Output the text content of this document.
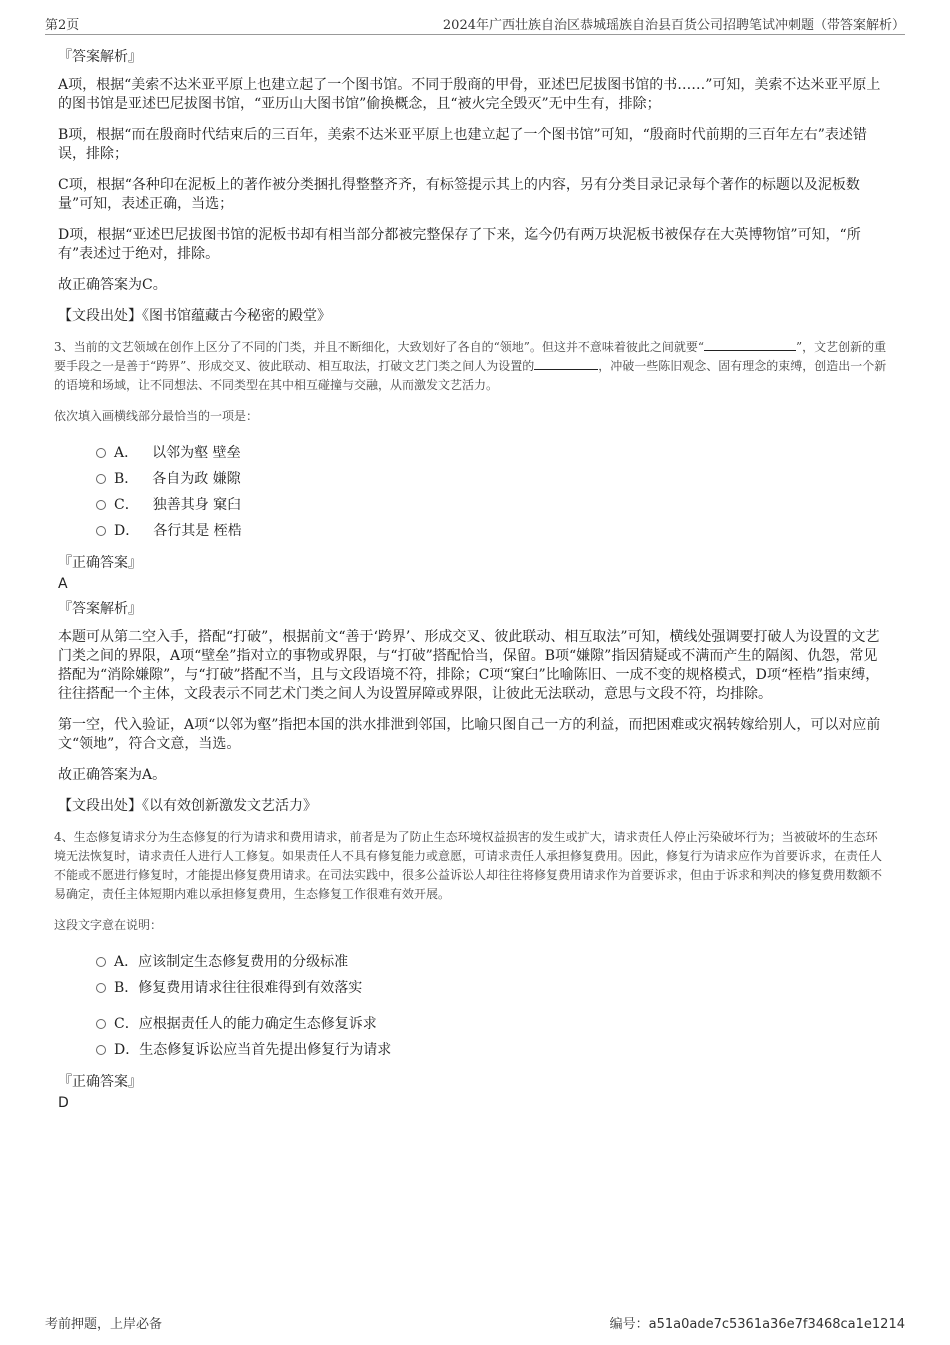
第2页	2024年广西壮族自治区恭城瑶族自治县百货公司招聘笔试冲刺题（带答案解析）
『答案解析』

A项，根据“美索不达米亚平原上也建立起了一个图书馆。不同于殷商的甲骨，亚述巴尼拔图书馆的书……”可知，美索不达米亚平原上的图书馆是亚述巴尼拔图书馆，“亚历山大图书馆”偷换概念，且“被火完全毁灭”无中生有，排除；

B项，根据“而在殷商时代结束后的三百年，美索不达米亚平原上也建立起了一个图书馆”可知，“殷商时代前期的三百年左右”表述错误，排除；

C项，根据“各种印在泥板上的著作被分类捆扎得整整齐齐，有标签提示其上的内容，另有分类目录记录每个著作的标题以及泥板数量”可知，表述正确，当选；

D项，根据“亚述巴尼拔图书馆的泥板书却有相当部分都被完整保存了下来，迄今仍有两万块泥板书被保存在大英博物馆”可知，“所有”表述过于绝对，排除。

故正确答案为C。

【文段出处】《图书馆蕴藏古今秘密的殿堂》

3、当前的文艺领域在创作上区分了不同的门类，并且不断细化，大致划好了各自的“领地”。但这并不意味着彼此之间就要“	”，文艺创新的重要手段之一是善于“跨界”、形成交叉、彼此联动、相互取法，打破文艺门类之间人为设置的	，冲破一些陈旧观念、固有理念的束缚，创造出一个新的语境和场域，让不同想法、不同类型在其中相互碰撞与交融，从而激发文艺活力。

依次填入画横线部分最恰当的一项是：

A． 以邻为壑 壁垒
B． 各自为政 嫌隙
C． 独善其身 窠臼
D． 各行其是 桎梏
『正确答案』
A
『答案解析』

本题可从第二空入手，搭配“打破”，根据前文“善于‘跨界’、形成交叉、彼此联动、相互取法”可知，横线处强调要打破人为设置的文艺门类之间的界限，A项“壁垒”指对立的事物或界限，与“打破”搭配恰当，保留。B项“嫌隙”指因猜疑或不满而产生的隔阂、仇怨，常见搭配为“消除嫌隙”，与“打破”搭配不当，且与文段语境不符，排除；C项“窠臼”比喻陈旧、一成不变的规格模式，D项“桎梏”指束缚，往往搭配一个主体，文段表示不同艺术门类之间人为设置屏障或界限，让彼此无法联动，意思与文段不符，均排除。

第一空，代入验证，A项“以邻为壑”指把本国的洪水排泄到邻国，比喻只图自己一方的利益，而把困难或灾祸转嫁给别人，可以对应前文“领地”，符合文意，当选。

故正确答案为A。

【文段出处】《以有效创新激发文艺活力》

4、生态修复请求分为生态修复的行为请求和费用请求，前者是为了防止生态环境权益损害的发生或扩大，请求责任人停止污染破坏行为；当被破坏的生态环境无法恢复时，请求责任人进行人工修复。如果责任人不具有修复能力或意愿，可请求责任人承担修复费用。因此，修复行为请求应作为首要诉求，在责任人不能或不愿进行修复时，才能提出修复费用请求。在司法实践中，很多公益诉讼人却往往将修复费用请求作为首要诉求，但由于诉求和判决的修复费用数额不易确定，责任主体短期内难以承担修复费用，生态修复工作很难有效开展。

这段文字意在说明：

A．应该制定生态修复费用的分级标准
B．修复费用请求往往很难得到有效落实
C．应根据责任人的能力确定生态修复诉求
D．生态修复诉讼应当首先提出修复行为请求
『正确答案』
D
考前押题，上岸必备	编号：a51a0ade7c5361a36e7f3468ca1e1214
